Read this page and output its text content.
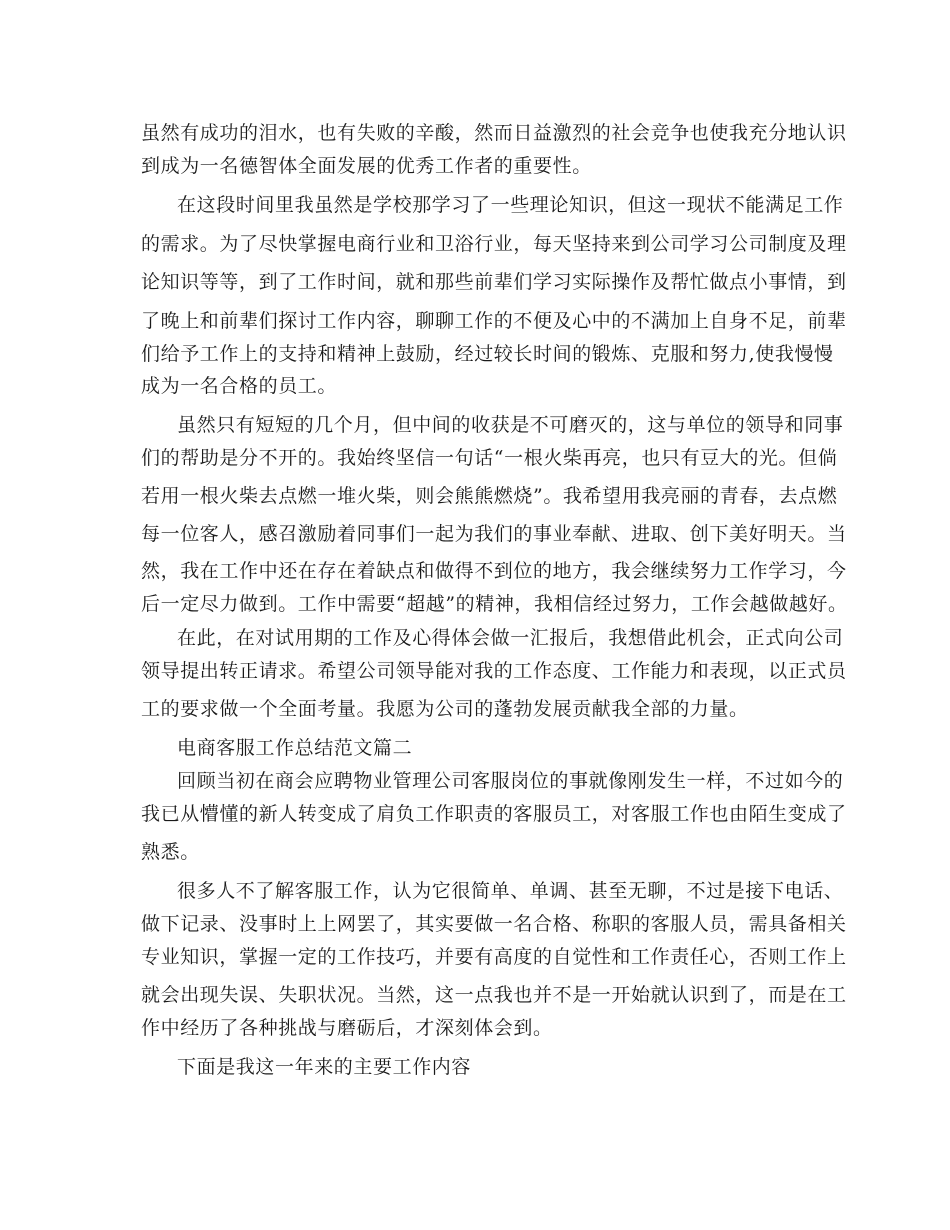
虽然有成功的泪水，也有失败的辛酸，然而日益激烈的社会竞争也使我充分地认识
到成为一名德智体全面发展的优秀工作者的重要性。
在这段时间里我虽然是学校那学习了一些理论知识，但这一现状不能满足工作
的需求。为了尽快掌握电商行业和卫浴行业，每天坚持来到公司学习公司制度及理
论知识等等，到了工作时间，就和那些前辈们学习实际操作及帮忙做点小事情，到
了晚上和前辈们探讨工作内容，聊聊工作的不便及心中的不满加上自身不足，前辈
们给予工作上的支持和精神上鼓励，经过较长时间的锻炼、克服和努力,使我慢慢
成为一名合格的员工。
虽然只有短短的几个月，但中间的收获是不可磨灭的，这与单位的领导和同事
们的帮助是分不开的。我始终坚信一句话“一根火柴再亮，也只有豆大的光。但倘
若用一根火柴去点燃一堆火柴，则会熊熊燃烧”。我希望用我亮丽的青春，去点燃
每一位客人，感召激励着同事们一起为我们的事业奉献、进取、创下美好明天。当
然，我在工作中还在存在着缺点和做得不到位的地方，我会继续努力工作学习，今
后一定尽力做到。工作中需要“超越”的精神，我相信经过努力，工作会越做越好。
在此，在对试用期的工作及心得体会做一汇报后，我想借此机会，正式向公司
领导提出转正请求。希望公司领导能对我的工作态度、工作能力和表现，以正式员
工的要求做一个全面考量。我愿为公司的蓬勃发展贡献我全部的力量。
电商客服工作总结范文篇二
回顾当初在商会应聘物业管理公司客服岗位的事就像刚发生一样，不过如今的
我已从懵懂的新人转变成了肩负工作职责的客服员工，对客服工作也由陌生变成了
熟悉。
很多人不了解客服工作，认为它很简单、单调、甚至无聊，不过是接下电话、
做下记录、没事时上上网罢了，其实要做一名合格、称职的客服人员，需具备相关
专业知识，掌握一定的工作技巧，并要有高度的自觉性和工作责任心，否则工作上
就会出现失误、失职状况。当然，这一点我也并不是一开始就认识到了，而是在工
作中经历了各种挑战与磨砺后，才深刻体会到。
下面是我这一年来的主要工作内容
